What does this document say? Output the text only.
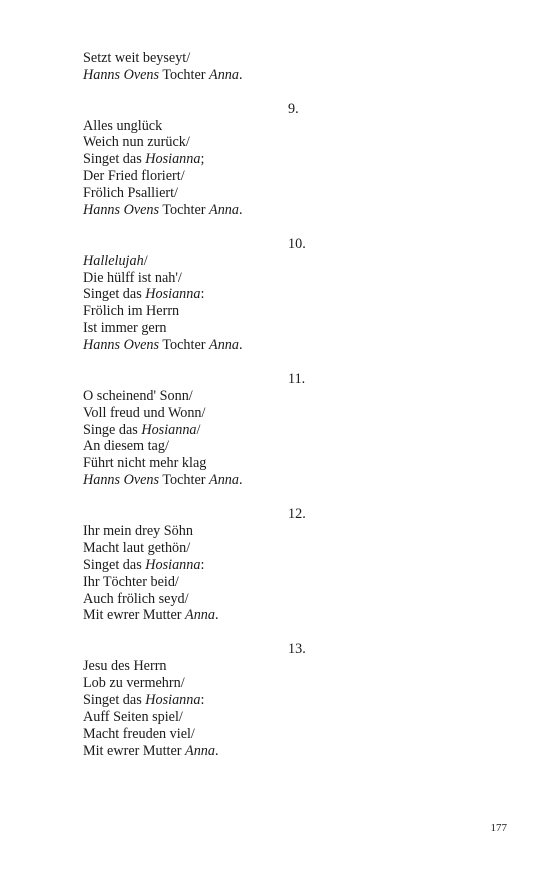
Setzt weit beyseyt/
Hanns Ovens Tochter Anna.
9.
Alles unglück
Weich nun zurück/
Singet das Hosianna;
Der Fried floriert/
Frölich Psalliert/
Hanns Ovens Tochter Anna.
10.
Hallelujah/
Die hülff ist nah'/
Singet das Hosianna:
Frölich im Herrn
Ist immer gern
Hanns Ovens Tochter Anna.
11.
O scheinend' Sonn/
Voll freud und Wonn/
Singe das Hosianna/
An diesem tag/
Führt nicht mehr klag
Hanns Ovens Tochter Anna.
12.
Ihr mein drey Söhn
Macht laut gethön/
Singet das Hosianna:
Ihr Töchter beid/
Auch frölich seyd/
Mit ewrer Mutter Anna.
13.
Jesu des Herrn
Lob zu vermehrn/
Singet das Hosianna:
Auff Seiten spiel/
Macht freuden viel/
Mit ewrer Mutter Anna.
177
